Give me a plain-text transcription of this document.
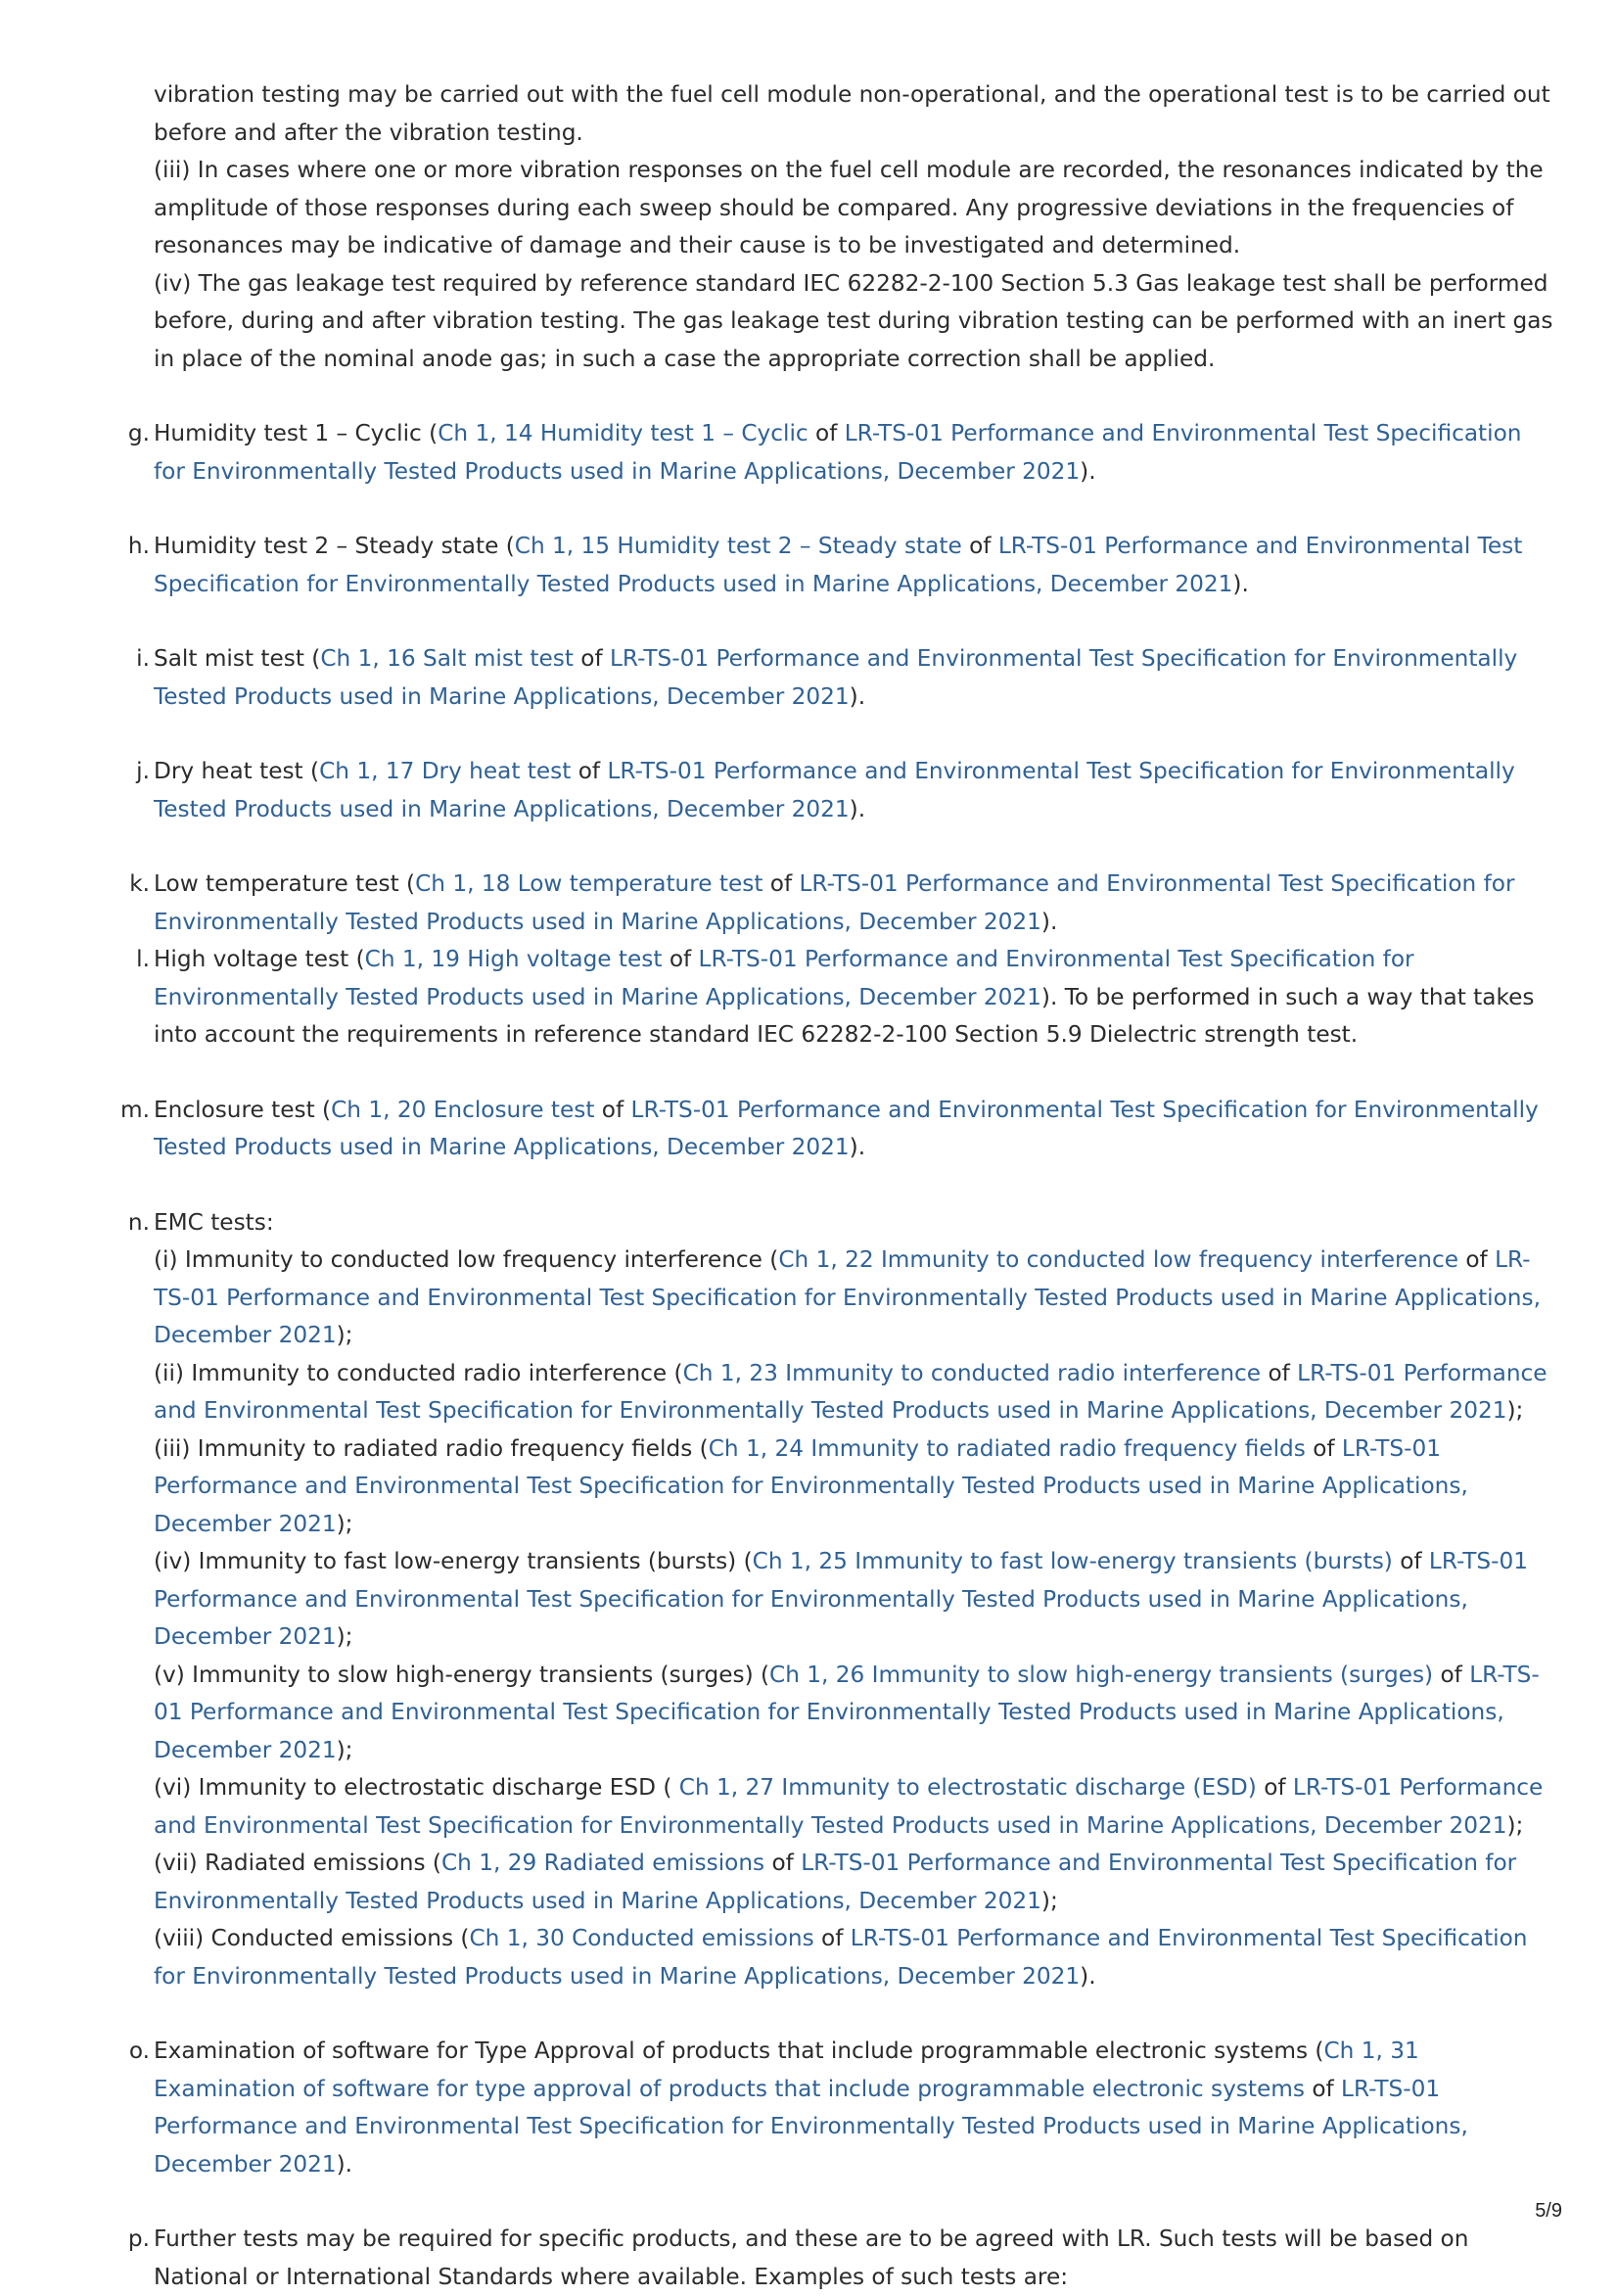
vibration testing may be carried out with the fuel cell module non-operational, and the operational test is to be carried out before and after the vibration testing.
(iii) In cases where one or more vibration responses on the fuel cell module are recorded, the resonances indicated by the amplitude of those responses during each sweep should be compared. Any progressive deviations in the frequencies of resonances may be indicative of damage and their cause is to be investigated and determined.
(iv) The gas leakage test required by reference standard IEC 62282-2-100 Section 5.3 Gas leakage test shall be performed before, during and after vibration testing. The gas leakage test during vibration testing can be performed with an inert gas in place of the nominal anode gas; in such a case the appropriate correction shall be applied.
g. Humidity test 1 – Cyclic (Ch 1, 14 Humidity test 1 – Cyclic of LR-TS-01 Performance and Environmental Test Specification for Environmentally Tested Products used in Marine Applications, December 2021).
h. Humidity test 2 – Steady state (Ch 1, 15 Humidity test 2 – Steady state of LR-TS-01 Performance and Environmental Test Specification for Environmentally Tested Products used in Marine Applications, December 2021).
i. Salt mist test (Ch 1, 16 Salt mist test of LR-TS-01 Performance and Environmental Test Specification for Environmentally Tested Products used in Marine Applications, December 2021).
j. Dry heat test (Ch 1, 17 Dry heat test of LR-TS-01 Performance and Environmental Test Specification for Environmentally Tested Products used in Marine Applications, December 2021).
k. Low temperature test (Ch 1, 18 Low temperature test of LR-TS-01 Performance and Environmental Test Specification for Environmentally Tested Products used in Marine Applications, December 2021).
l. High voltage test (Ch 1, 19 High voltage test of LR-TS-01 Performance and Environmental Test Specification for Environmentally Tested Products used in Marine Applications, December 2021). To be performed in such a way that takes into account the requirements in reference standard IEC 62282-2-100 Section 5.9 Dielectric strength test.
m. Enclosure test (Ch 1, 20 Enclosure test of LR-TS-01 Performance and Environmental Test Specification for Environmentally Tested Products used in Marine Applications, December 2021).
n. EMC tests:
(i) Immunity to conducted low frequency interference (Ch 1, 22 Immunity to conducted low frequency interference of LR-TS-01 Performance and Environmental Test Specification for Environmentally Tested Products used in Marine Applications, December 2021);
(ii) Immunity to conducted radio interference (Ch 1, 23 Immunity to conducted radio interference of LR-TS-01 Performance and Environmental Test Specification for Environmentally Tested Products used in Marine Applications, December 2021);
(iii) Immunity to radiated radio frequency fields (Ch 1, 24 Immunity to radiated radio frequency fields of LR-TS-01 Performance and Environmental Test Specification for Environmentally Tested Products used in Marine Applications, December 2021);
(iv) Immunity to fast low-energy transients (bursts) (Ch 1, 25 Immunity to fast low-energy transients (bursts) of LR-TS-01 Performance and Environmental Test Specification for Environmentally Tested Products used in Marine Applications, December 2021);
(v) Immunity to slow high-energy transients (surges) (Ch 1, 26 Immunity to slow high-energy transients (surges) of LR-TS-01 Performance and Environmental Test Specification for Environmentally Tested Products used in Marine Applications, December 2021);
(vi) Immunity to electrostatic discharge ESD ( Ch 1, 27 Immunity to electrostatic discharge (ESD) of LR-TS-01 Performance and Environmental Test Specification for Environmentally Tested Products used in Marine Applications, December 2021);
(vii) Radiated emissions (Ch 1, 29 Radiated emissions of LR-TS-01 Performance and Environmental Test Specification for Environmentally Tested Products used in Marine Applications, December 2021);
(viii) Conducted emissions (Ch 1, 30 Conducted emissions of LR-TS-01 Performance and Environmental Test Specification for Environmentally Tested Products used in Marine Applications, December 2021).
o. Examination of software for Type Approval of products that include programmable electronic systems (Ch 1, 31 Examination of software for type approval of products that include programmable electronic systems of LR-TS-01 Performance and Environmental Test Specification for Environmentally Tested Products used in Marine Applications, December 2021).
p. Further tests may be required for specific products, and these are to be agreed with LR. Such tests will be based on National or International Standards where available. Examples of such tests are:
5/9
